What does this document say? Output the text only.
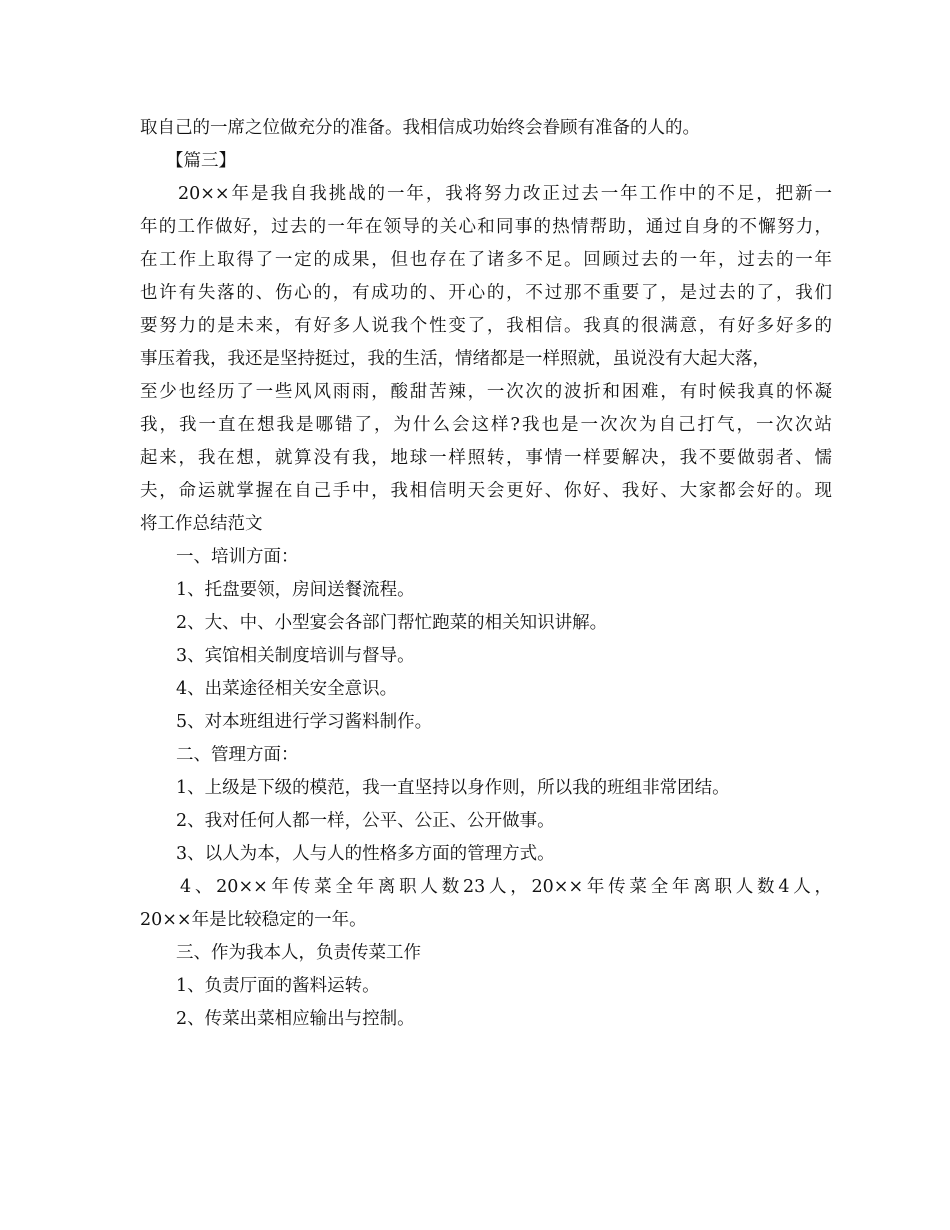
取自己的一席之位做充分的准备。我相信成功始终会眷顾有准备的人的。
【篇三】
20××年是我自我挑战的一年，我将努力改正过去一年工作中的不足，把新一
年的工作做好，过去的一年在领导的关心和同事的热情帮助，通过自身的不懈努力，
在工作上取得了一定的成果，但也存在了诸多不足。回顾过去的一年，过去的一年
也许有失落的、伤心的，有成功的、开心的，不过那不重要了，是过去的了，我们
要努力的是未来，有好多人说我个性变了，我相信。我真的很满意，有好多好多的
事压着我，我还是坚持挺过，我的生活，情绪都是一样照就，虽说没有大起大落，
至少也经历了一些风风雨雨，酸甜苦辣，一次次的波折和困难，有时候我真的怀凝
我，我一直在想我是哪错了，为什么会这样?我也是一次次为自己打气，一次次站
起来，我在想，就算没有我，地球一样照转，事情一样要解决，我不要做弱者、懦
夫，命运就掌握在自己手中，我相信明天会更好、你好、我好、大家都会好的。现
将工作总结范文
一、培训方面：
1、托盘要领，房间送餐流程。
2、大、中、小型宴会各部门帮忙跑菜的相关知识讲解。
3、宾馆相关制度培训与督导。
4、出菜途径相关安全意识。
5、对本班组进行学习酱料制作。
二、管理方面：
1、上级是下级的模范，我一直坚持以身作则，所以我的班组非常团结。
2、我对任何人都一样，公平、公正、公开做事。
3、以人为本，人与人的性格多方面的管理方式。
4、20××年传菜全年离职人数23人，20××年传菜全年离职人数4人，
20××年是比较稳定的一年。
三、作为我本人，负责传菜工作
1、负责厅面的酱料运转。
2、传菜出菜相应输出与控制。
